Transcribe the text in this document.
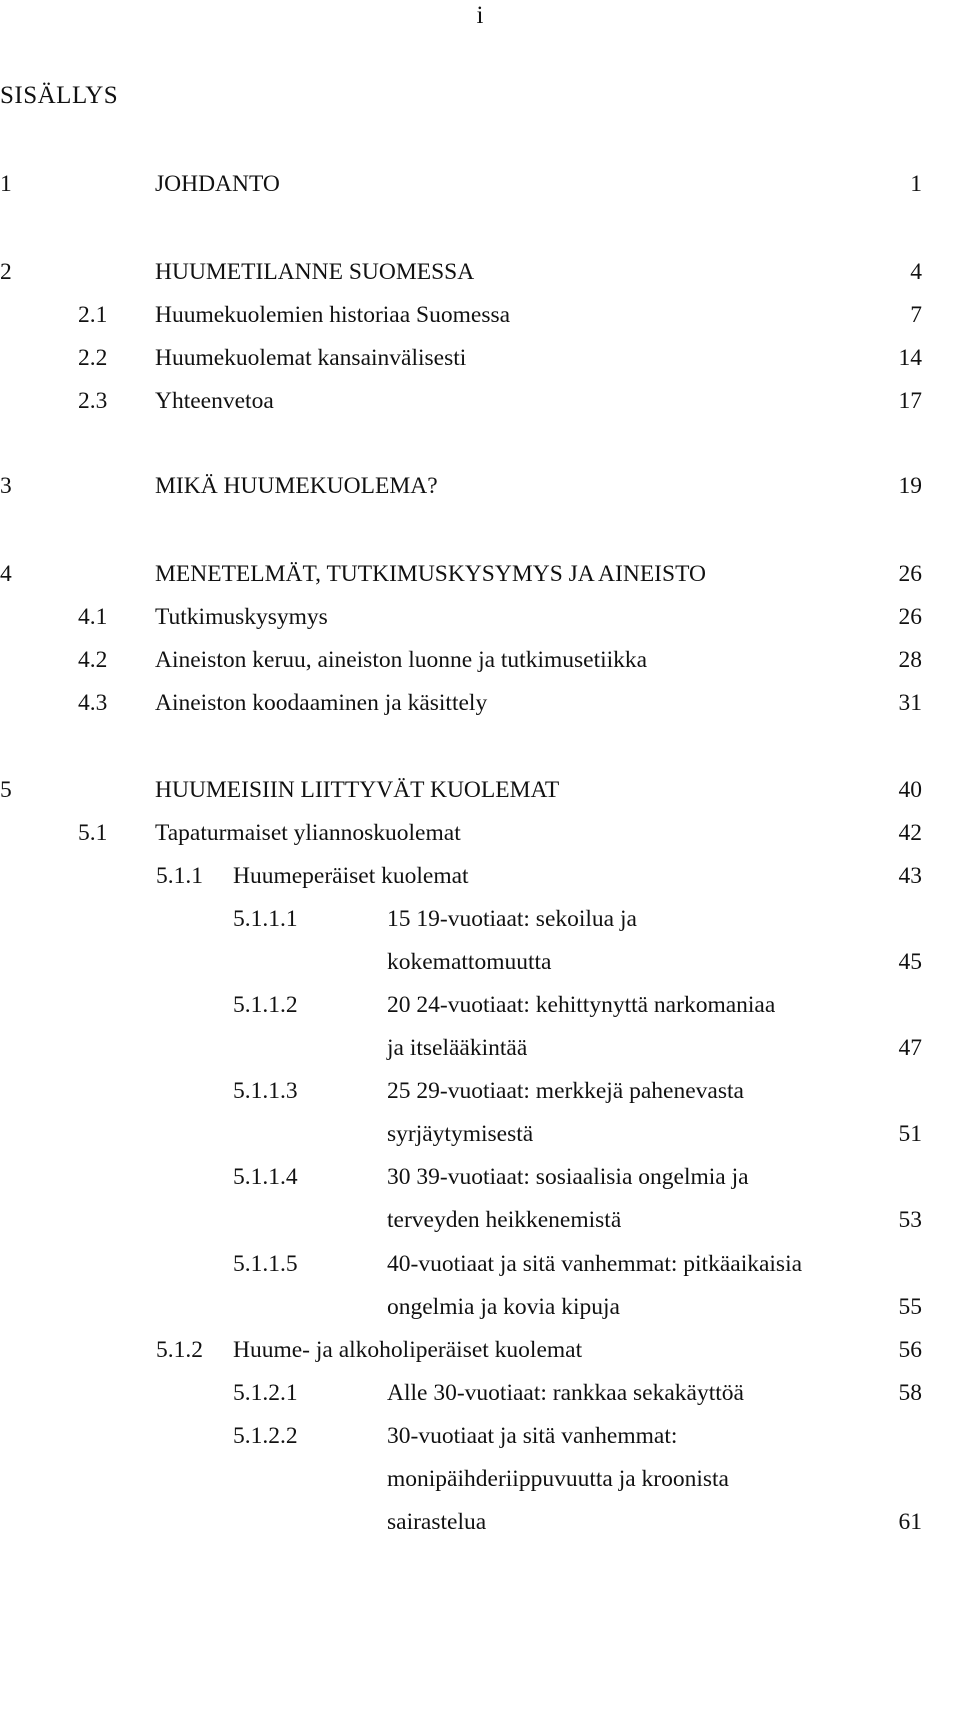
i
SISÄLLYS
1	JOHDANTO	1
2	HUUMETILANNE SUOMESSA	4
2.1 Huumekuolemien historiaa Suomessa	7
2.2 Huumekuolemat kansainvälisesti	14
2.3 Yhteenvetoa	17
3	MIKÄ HUUMEKUOLEMA?	19
4	MENETELMÄT, TUTKIMUSKYSYMYS JA AINEISTO	26
4.1 Tutkimuskysymys	26
4.2 Aineiston keruu, aineiston luonne ja tutkimusetiikka	28
4.3 Aineiston koodaaminen ja käsittely	31
5	HUUMEISIIN LIITTYVÄT KUOLEMAT	40
5.1 Tapaturmaiset yliannoskuolemat	42
5.1.1 Huumeperäiset kuolemat	43
5.1.1.1	15 19-vuotiaat: sekoilua ja
kokemattomuutta	45
5.1.1.2	20 24-vuotiaat: kehittynyttä narkomaniaa
ja itselääkintää	47
5.1.1.3	25 29-vuotiaat: merkkejä pahenevasta
syrjäytymisestä	51
5.1.1.4	30 39-vuotiaat: sosiaalisia ongelmia ja
terveyden heikkenemistä	53
5.1.1.5	40-vuotiaat ja sitä vanhemmat: pitkäaikaisia
ongelmia ja kovia kipuja	55
5.1.2 Huume- ja alkoholiperäiset kuolemat	56
5.1.2.1	Alle 30-vuotiaat: rankkaa sekakäyttöä	58
5.1.2.2	30-vuotiaat ja sitä vanhemmat:
monipäihderiippuvuutta ja kroonista
sairastelua	61
